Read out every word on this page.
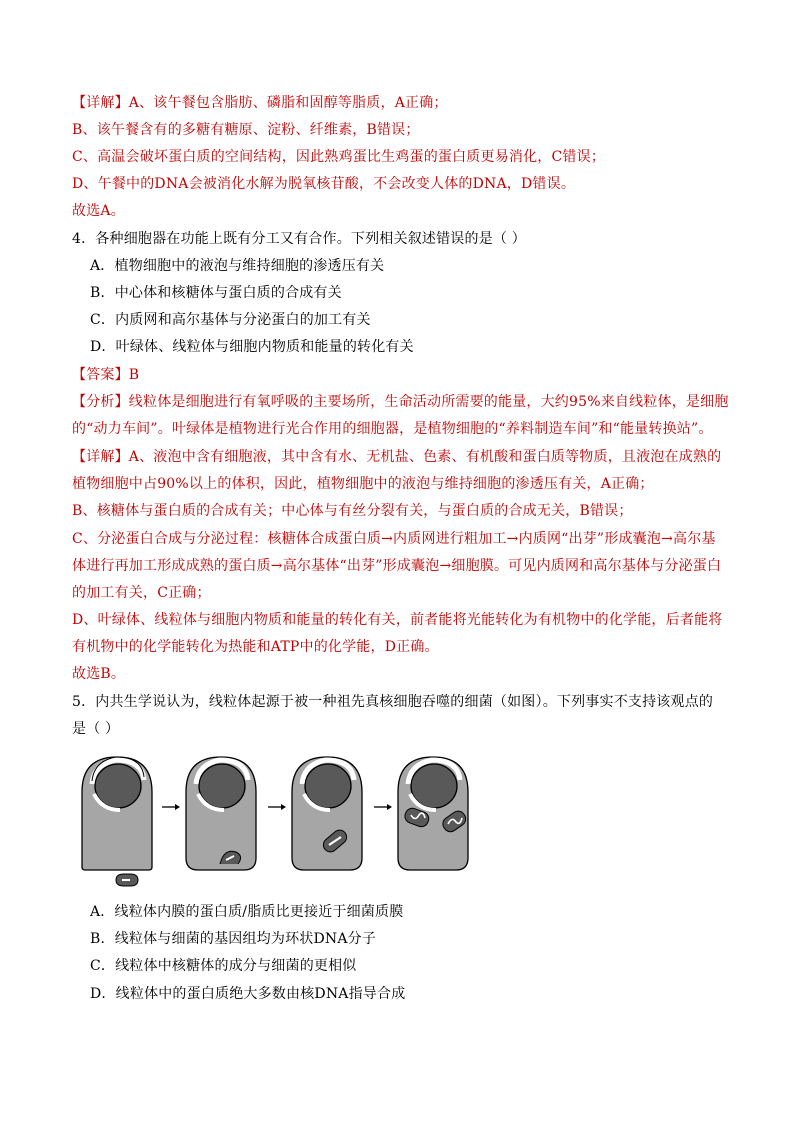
【详解】A、该午餐包含脂肪、磷脂和固醇等脂质，A正确；
B、该午餐含有的多糖有糖原、淀粉、纤维素，B错误；
C、高温会破坏蛋白质的空间结构，因此熟鸡蛋比生鸡蛋的蛋白质更易消化，C错误；
D、午餐中的DNA会被消化水解为脱氧核苷酸，不会改变人体的DNA，D错误。
故选A。
4．各种细胞器在功能上既有分工又有合作。下列相关叙述错误的是（ ）
A．植物细胞中的液泡与维持细胞的渗透压有关
B．中心体和核糖体与蛋白质的合成有关
C．内质网和高尔基体与分泌蛋白的加工有关
D．叶绿体、线粒体与细胞内物质和能量的转化有关
【答案】B
【分析】线粒体是细胞进行有氧呼吸的主要场所，生命活动所需要的能量，大约95%来自线粒体，是细胞
的“动力车间”。叶绿体是植物进行光合作用的细胞器，是植物细胞的“养料制造车间”和“能量转换站”。
【详解】A、液泡中含有细胞液，其中含有水、无机盐、色素、有机酸和蛋白质等物质，且液泡在成熟的
植物细胞中占90%以上的体积，因此，植物细胞中的液泡与维持细胞的渗透压有关，A正确；
B、核糖体与蛋白质的合成有关；中心体与有丝分裂有关，与蛋白质的合成无关，B错误；
C、分泌蛋白合成与分泌过程：核糖体合成蛋白质→内质网进行粗加工→内质网“出芽”形成囊泡→高尔基
体进行再加工形成成熟的蛋白质→高尔基体“出芽”形成囊泡→细胞膜。可见内质网和高尔基体与分泌蛋白
的加工有关，C正确；
D、叶绿体、线粒体与细胞内物质和能量的转化有关，前者能将光能转化为有机物中的化学能，后者能将
有机物中的化学能转化为热能和ATP中的化学能，D正确。
故选B。
5．内共生学说认为，线粒体起源于被一种祖先真核细胞吞噬的细菌（如图）。下列事实不支持该观点的
是（ ）
A．线粒体内膜的蛋白质/脂质比更接近于细菌质膜
B．线粒体与细菌的基因组均为环状DNA分子
C．线粒体中核糖体的成分与细菌的更相似
D．线粒体中的蛋白质绝大多数由核DNA指导合成
